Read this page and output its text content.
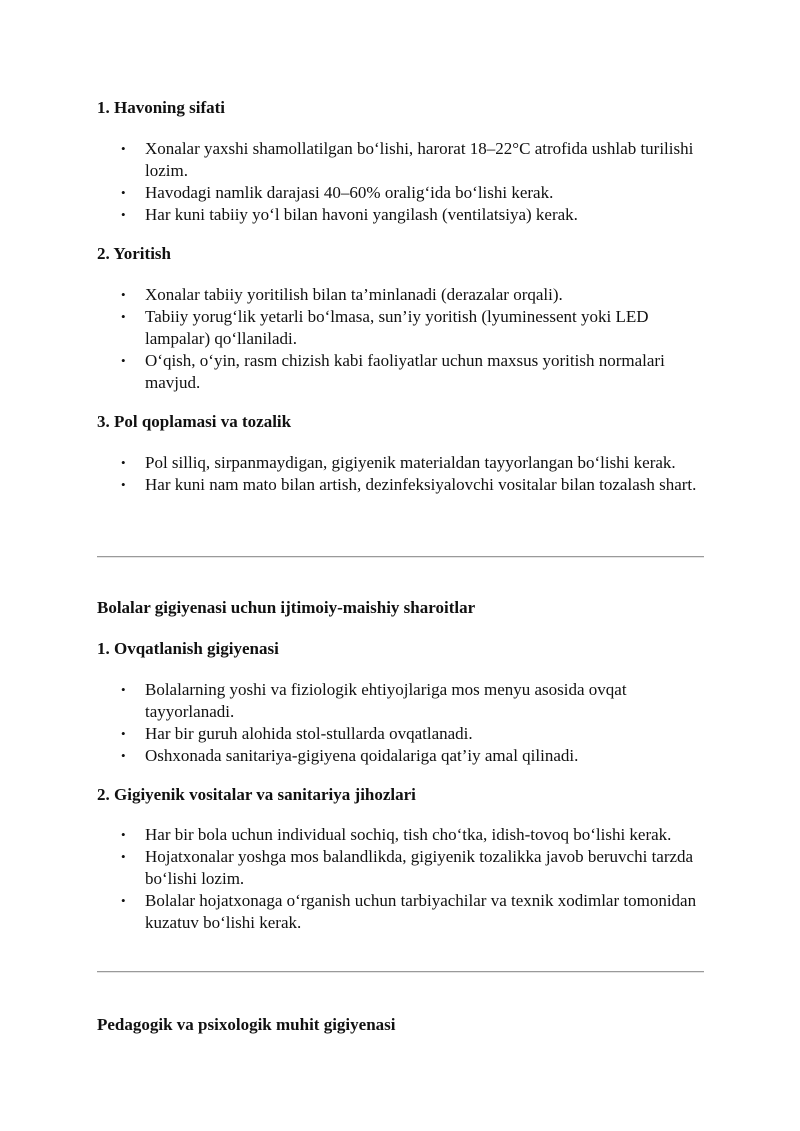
1. Havoning sifati
• Xonalar yaxshi shamollatilgan bo‘lishi, harorat 18–22°C atrofida ushlab turilishi lozim.
• Havodagi namlik darajasi 40–60% oralig‘ida bo‘lishi kerak.
• Har kuni tabiiy yo‘l bilan havoni yangilash (ventilatsiya) kerak.
2. Yoritish
• Xonalar tabiiy yoritilish bilan ta’minlanadi (derazalar orqali).
• Tabiiy yorug‘lik yetarli bo‘lmasa, sun’iy yoritish (lyuminessent yoki LED lampalar) qo‘llaniladi.
• O‘qish, o‘yin, rasm chizish kabi faoliyatlar uchun maxsus yoritish normalari mavjud.
3. Pol qoplamasi va tozalik
• Pol silliq, sirpanmaydigan, gigiyenik materialdan tayyorlangan bo‘lishi kerak.
• Har kuni nam mato bilan artish, dezinfeksiyalovchi vositalar bilan tozalash shart.
Bolalar gigiyenasi uchun ijtimoiy-maishiy sharoitlar
1. Ovqatlanish gigiyenasi
• Bolalarning yoshi va fiziologik ehtiyojlariga mos menyu asosida ovqat tayyorlanadi.
• Har bir guruh alohida stol-stullarda ovqatlanadi.
• Oshxonada sanitariya-gigiyena qoidalariga qat’iy amal qilinadi.
2. Gigiyenik vositalar va sanitariya jihozlari
• Har bir bola uchun individual sochiq, tish cho‘tka, idish-tovoq bo‘lishi kerak.
• Hojatxonalar yoshga mos balandlikda, gigiyenik tozalikka javob beruvchi tarzda bo‘lishi lozim.
• Bolalar hojatxonaga o‘rganish uchun tarbiyachilar va texnik xodimlar tomonidan kuzatuv bo‘lishi kerak.
Pedagogik va psixologik muhit gigiyenasi
